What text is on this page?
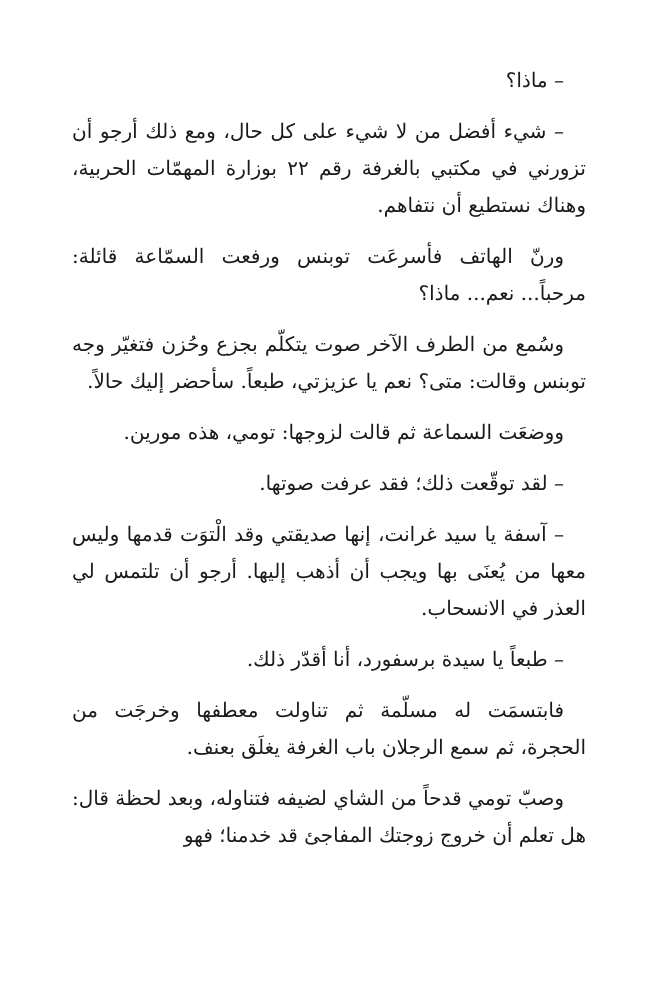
– ماذا؟

– شيء أفضل من لا شيء على كل حال، ومع ذلك أرجو أن تزورني في مكتبي بالغرفة رقم ٢٢ بوزارة المهمّات الحربية، وهناك نستطيع أن نتفاهم.

ورنّ الهاتف فأسرعَت توبنس ورفعت السمّاعة قائلة: مرحباً... نعم... ماذا؟

وسُمع من الطرف الآخر صوت يتكلّم بجزع وحُزن فتغيّر وجه توبنس وقالت: متى؟ نعم يا عزيزتي، طبعاً. سأحضر إليك حالاً.

ووضعَت السماعة ثم قالت لزوجها: تومي، هذه مورين.

– لقد توقّعت ذلك؛ فقد عرفت صوتها.

– آسفة يا سيد غرانت، إنها صديقتي وقد الْتوَت قدمها وليس معها من يُعنَى بها ويجب أن أذهب إليها. أرجو أن تلتمس لي العذر في الانسحاب.

– طبعاً يا سيدة برسفورد، أنا أقدّر ذلك.

فابتسمَت له مسلّمة ثم تناولت معطفها وخرجَت من الحجرة، ثم سمع الرجلان باب الغرفة يغلَق بعنف.

وصبّ تومي قدحاً من الشاي لضيفه فتناوله، وبعد لحظة قال: هل تعلم أن خروج زوجتك المفاجئ قد خدمنا؛ فهو
